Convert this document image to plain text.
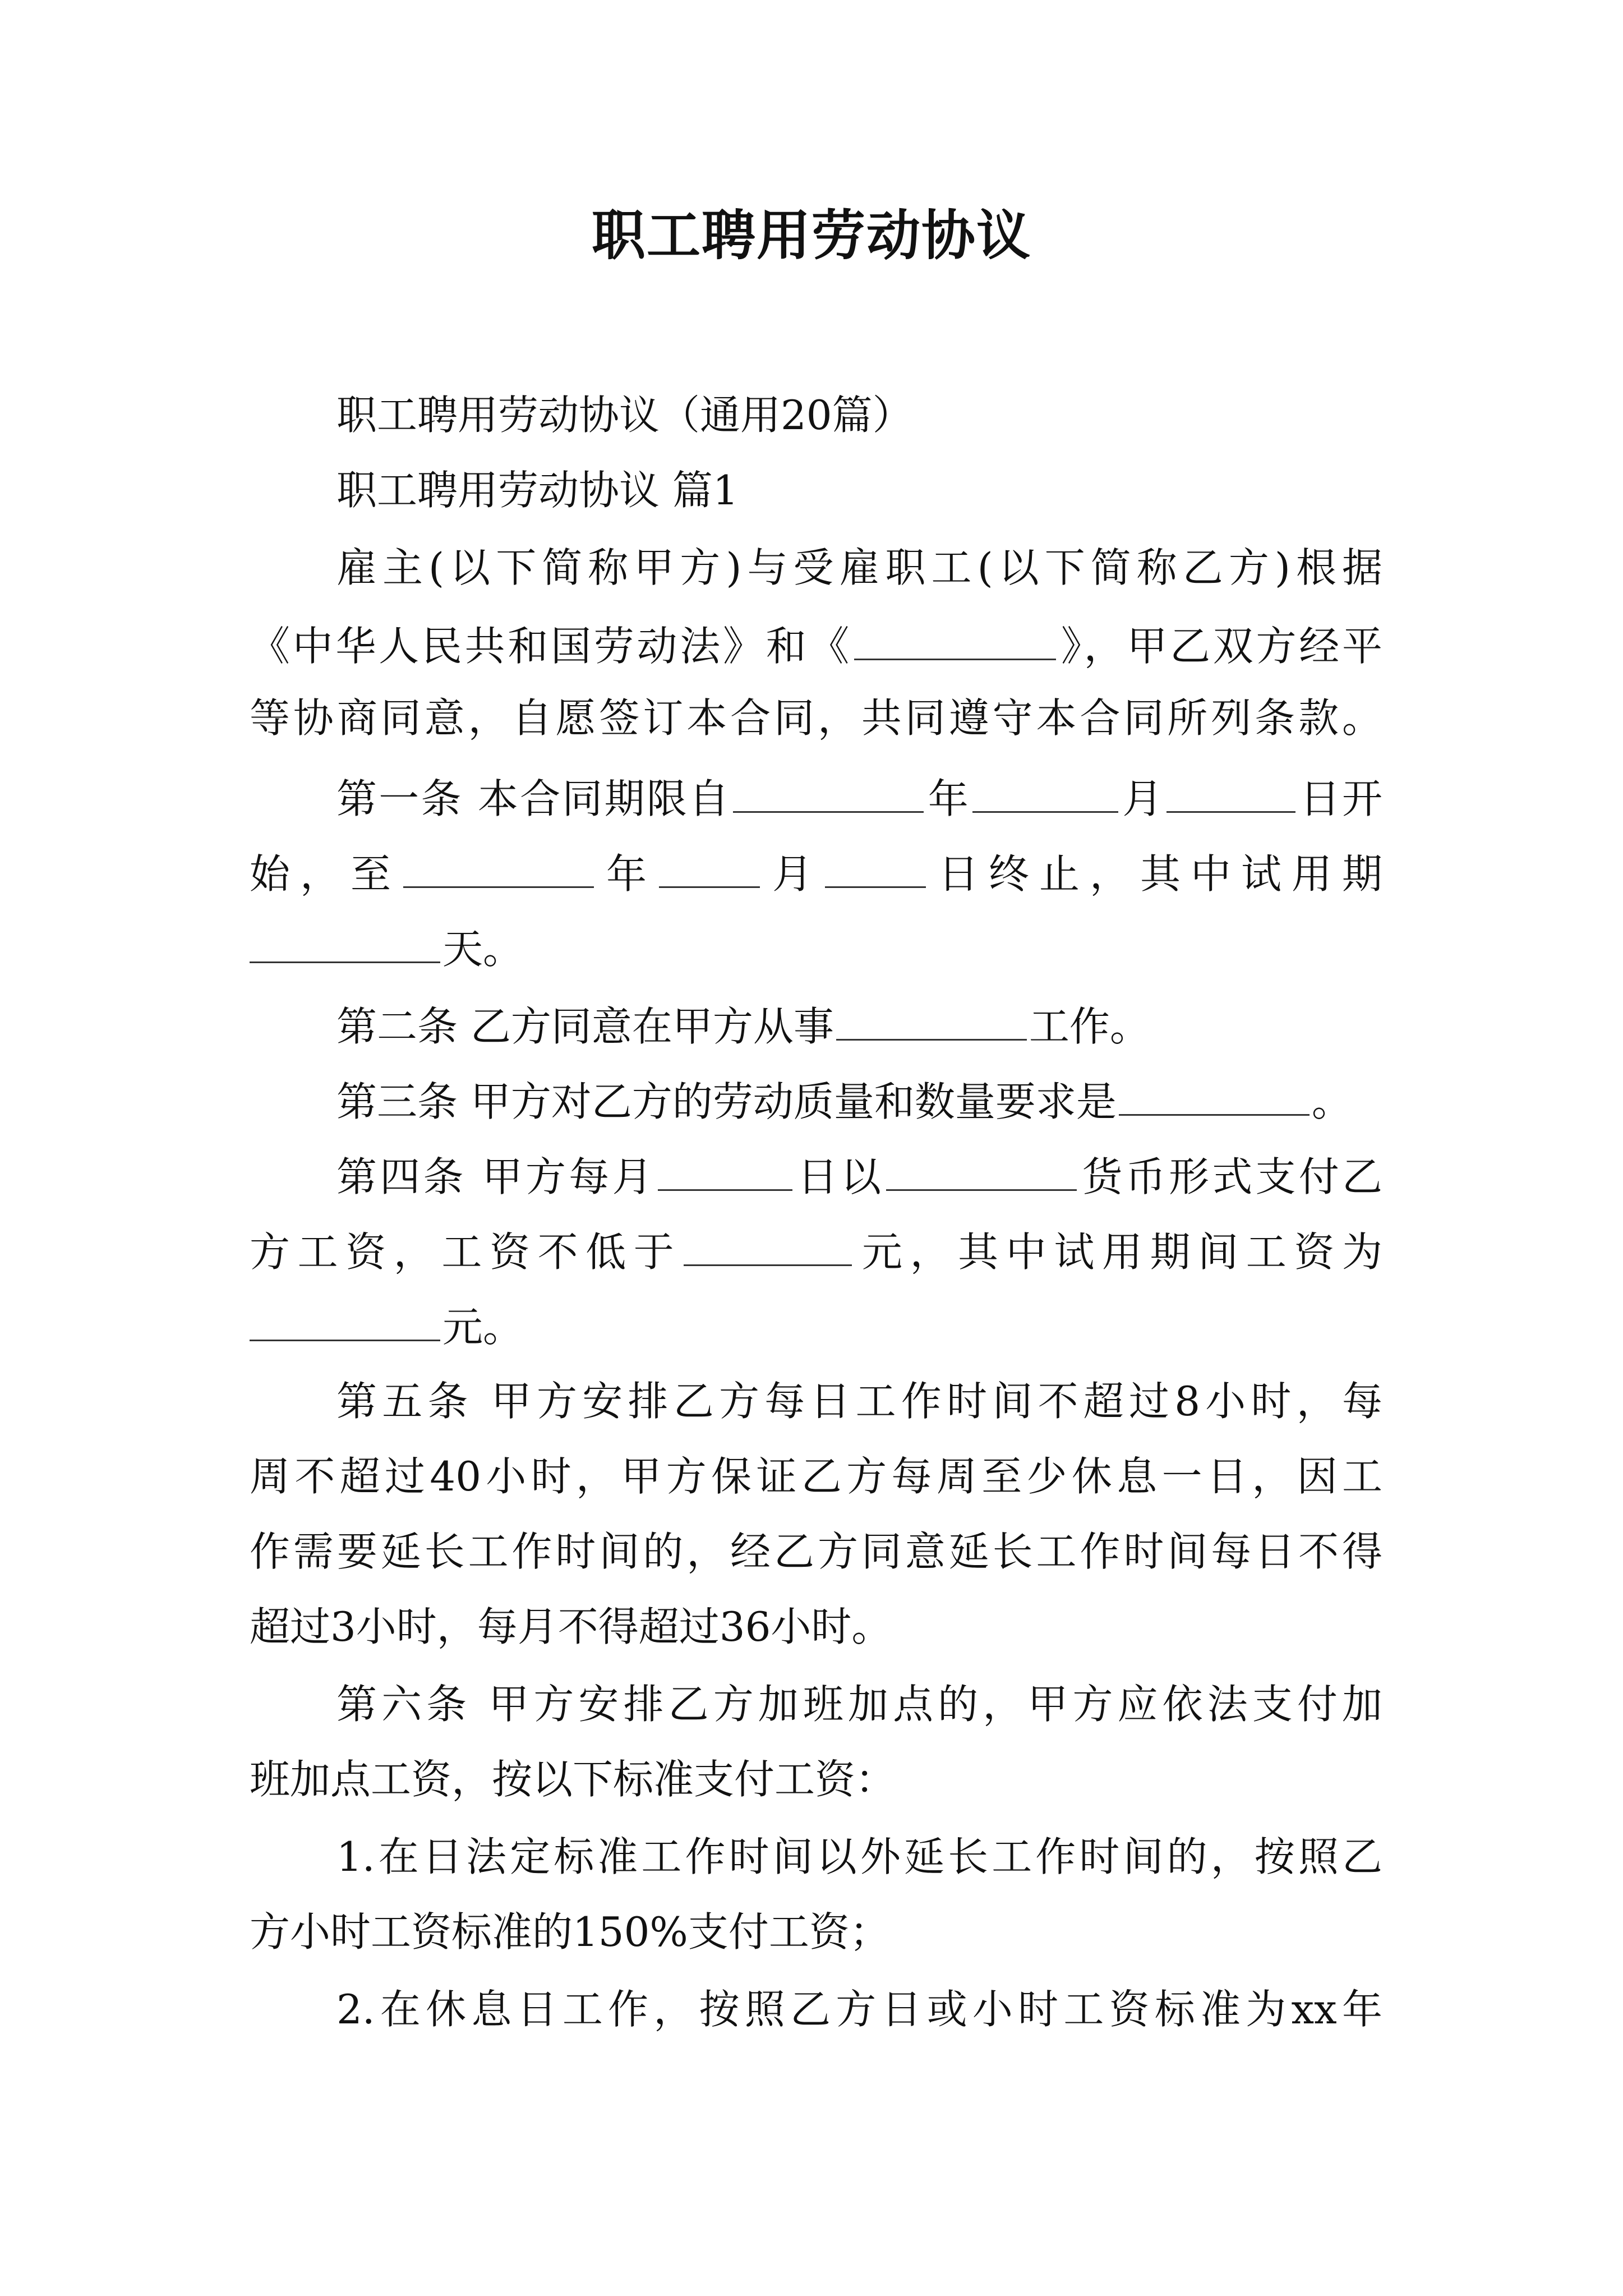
职工聘用劳动协议
职工聘用劳动协议（通用20篇）
职工聘用劳动协议 篇1
雇主(以下简称甲方)与受雇职工(以下简称乙方)根据
《中华人民共和国劳动法》和《	》，甲乙双方经平
等协商同意，自愿签订本合同，共同遵守本合同所列条款。
第一条 本合同期限自	年	月	日开
始，至	年	月	日终止，其中试用期
天。
第二条 乙方同意在甲方从事	工作。
第三条 甲方对乙方的劳动质量和数量要求是	。
第四条 甲方每月	日以	货币形式支付乙
方工资，工资不低于	元，其中试用期间工资为
元。
第五条 甲方安排乙方每日工作时间不超过8小时，每
周不超过40小时，甲方保证乙方每周至少休息一日，因工
作需要延长工作时间的，经乙方同意延长工作时间每日不得
超过3小时，每月不得超过36小时。
第六条 甲方安排乙方加班加点的，甲方应依法支付加
班加点工资，按以下标准支付工资：
1.在日法定标准工作时间以外延长工作时间的，按照乙
方小时工资标准的150%支付工资；
2.在休息日工作，按照乙方日或小时工资标准为xx年
